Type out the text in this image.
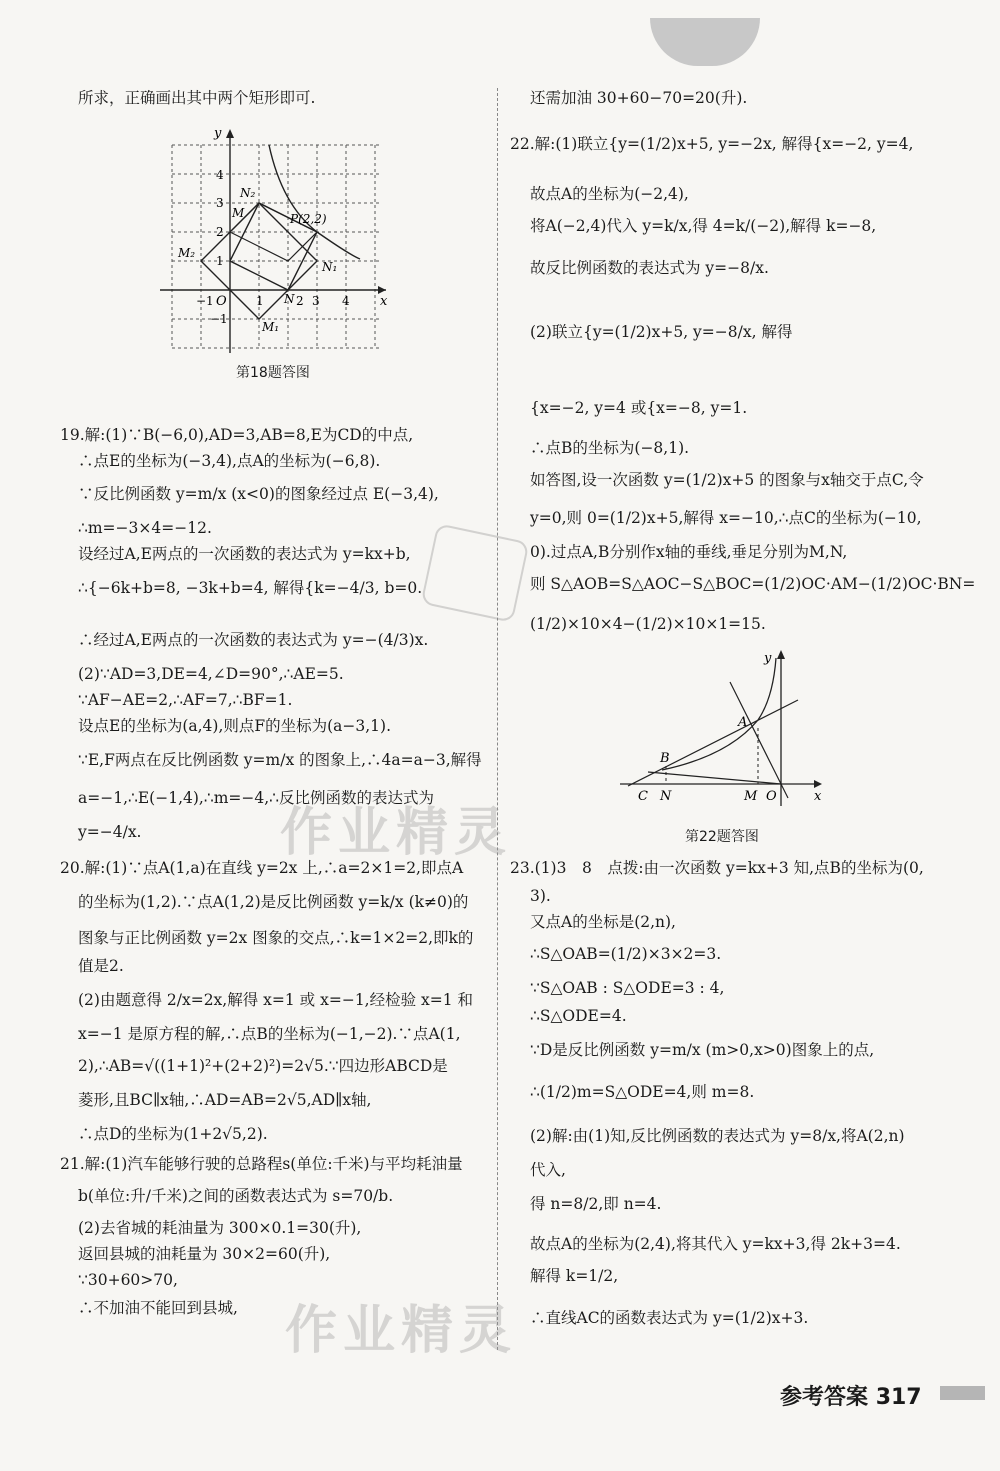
所求，正确画出其中两个矩形即可.
19.解:(1)∵B(−6,0),AD=3,AB=8,E为CD的中点,
∴点E的坐标为(−3,4),点A的坐标为(−6,8).
∵反比例函数 y=m/x (x<0)的图象经过点 E(−3,4),
∴m=−3×4=−12.
设经过A,E两点的一次函数的表达式为 y=kx+b,
∴{−6k+b=8, −3k+b=4, 解得{k=−4/3, b=0.
∴经过A,E两点的一次函数的表达式为 y=−(4/3)x.
(2)∵AD=3,DE=4,∠D=90°,∴AE=5.
∵AF−AE=2,∴AF=7,∴BF=1.
设点E的坐标为(a,4),则点F的坐标为(a−3,1).
∵E,F两点在反比例函数 y=m/x 的图象上,∴4a=a−3,解得
a=−1,∴E(−1,4),∴m=−4,∴反比例函数的表达式为
y=−4/x.
20.解:(1)∵点A(1,a)在直线 y=2x 上,∴a=2×1=2,即点A
的坐标为(1,2).∵点A(1,2)是反比例函数 y=k/x (k≠0)的
图象与正比例函数 y=2x 图象的交点,∴k=1×2=2,即k的
值是2.
(2)由题意得 2/x=2x,解得 x=1 或 x=−1,经检验 x=1 和
x=−1 是原方程的解,∴点B的坐标为(−1,−2).∵点A(1,
2),∴AB=√((1+1)²+(2+2)²)=2√5.∵四边形ABCD是
菱形,且BC∥x轴,∴AD=AB=2√5,AD∥x轴,
∴点D的坐标为(1+2√5,2).
21.解:(1)汽车能够行驶的总路程s(单位:千米)与平均耗油量
b(单位:升/千米)之间的函数表达式为 s=70/b.
(2)去省城的耗油量为 300×0.1=30(升),
返回县城的油耗量为 30×2=60(升),
∵30+60>70,
∴不加油不能回到县城,
还需加油 30+60−70=20(升).
22.解:(1)联立{y=(1/2)x+5, y=−2x, 解得{x=−2, y=4,
故点A的坐标为(−2,4),
将A(−2,4)代入 y=k/x,得 4=k/(−2),解得 k=−8,
故反比例函数的表达式为 y=−8/x.
(2)联立{y=(1/2)x+5, y=−8/x, 解得
{x=−2, y=4 或{x=−8, y=1.
∴点B的坐标为(−8,1).
如答图,设一次函数 y=(1/2)x+5 的图象与x轴交于点C,令
y=0,则 0=(1/2)x+5,解得 x=−10,∴点C的坐标为(−10,
0).过点A,B分别作x轴的垂线,垂足分别为M,N,
则 S△AOB=S△AOC−S△BOC=(1/2)OC·AM−(1/2)OC·BN=
(1/2)×10×4−(1/2)×10×1=15.
23.(1)3　8　点拨:由一次函数 y=kx+3 知,点B的坐标为(0,
3).
又点A的坐标是(2,n),
∴S△OAB=(1/2)×3×2=3.
∵S△OAB : S△ODE=3 : 4,
∴S△ODE=4.
∵D是反比例函数 y=m/x (m>0,x>0)图象上的点,
∴(1/2)m=S△ODE=4,则 m=8.
(2)解:由(1)知,反比例函数的表达式为 y=8/x,将A(2,n)
代入,
得 n=8/2,即 n=4.
故点A的坐标为(2,4),将其代入 y=kx+3,得 2k+3=4.
解得 k=1/2,
∴直线AC的函数表达式为 y=(1/2)x+3.
y
x
O
N₂
M	P(2,2)
M₂
N₁
N
M₁
−1	1	2 3 4
4
3
2
1
−1
第18题答图
y
x
O
A
B
C N	M
第22题答图
作业精灵
作业精灵
参考答案 317
